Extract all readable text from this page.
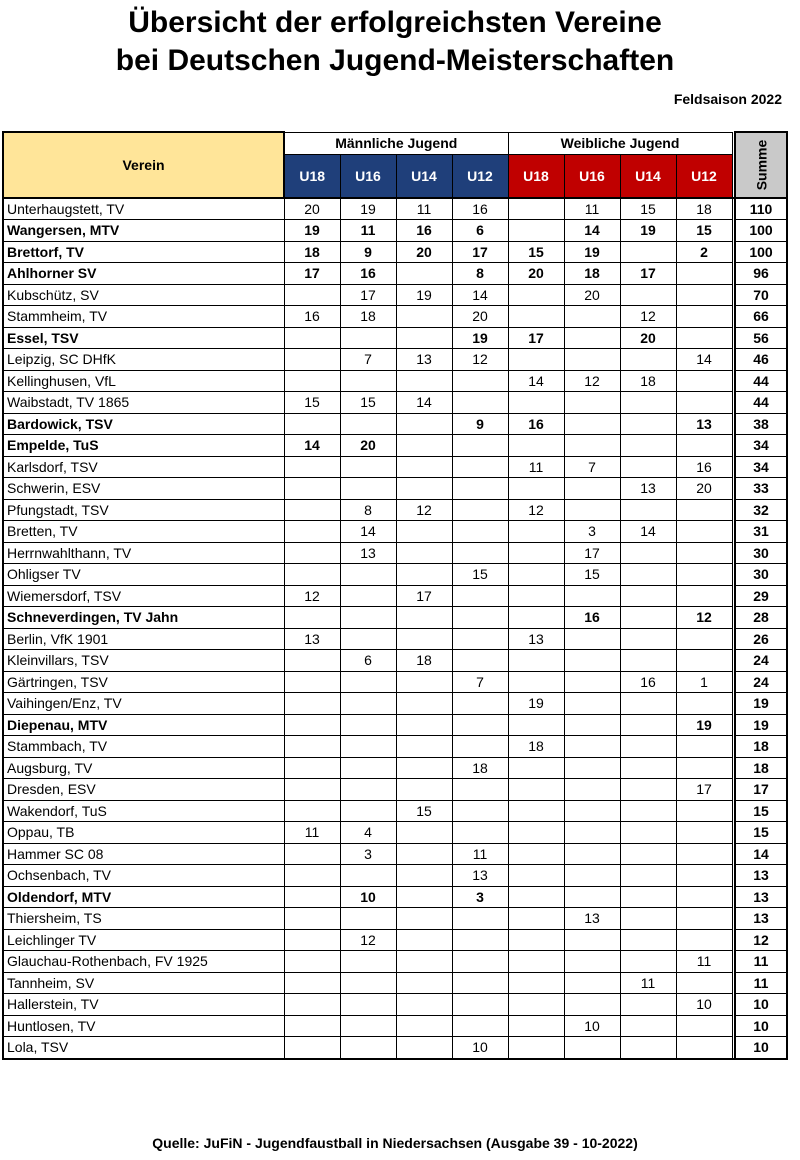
Übersicht der erfolgreichsten Vereine
bei Deutschen Jugend-Meisterschaften
Feldsaison 2022
Verein	Männliche Jugend				Weibliche Jugend					Summe
	U18	U16	U14	U12	U18	U16	U14	U12		
Unterhaugstett, TV	20	19	11	16		11	15	18		110
Wangersen, MTV	19	11	16	6		14	19	15		100
Brettorf, TV	18	9	20	17	15	19		2		100
Ahlhorner SV	17	16		8	20	18	17			96
Kubschütz, SV		17	19	14		20				70
Stammheim, TV	16	18		20			12			66
Essel, TSV				19	17		20			56
Leipzig, SC DHfK		7	13	12				14		46
Kellinghusen, VfL					14	12	18			44
Waibstadt, TV 1865	15	15	14							44
Bardowick, TSV				9	16			13		38
Empelde, TuS	14	20								34
Karlsdorf, TSV					11	7		16		34
Schwerin, ESV							13	20		33
Pfungstadt, TSV		8	12		12					32
Bretten, TV		14				3	14			31
Herrnwahlthann, TV		13				17				30
Ohligser TV				15		15				30
Wiemersdorf, TSV	12		17							29
Schneverdingen, TV Jahn						16		12		28
Berlin, VfK 1901	13				13					26
Kleinvillars, TSV		6	18							24
Gärtringen, TSV				7			16	1		24
Vaihingen/Enz, TV					19					19
Diepenau, MTV								19		19
Stammbach, TV					18					18
Augsburg, TV				18						18
Dresden, ESV								17		17
Wakendorf, TuS			15							15
Oppau, TB	11	4								15
Hammer SC 08		3		11						14
Ochsenbach, TV				13						13
Oldendorf, MTV		10		3						13
Thiersheim, TS						13				13
Leichlinger TV		12								12
Glauchau-Rothenbach, FV 1925								11		11
Tannheim, SV							11			11
Hallerstein, TV								10		10
Huntlosen, TV						10				10
Lola, TSV				10						10
Quelle: JuFiN - Jugendfaustball in Niedersachsen (Ausgabe 39 - 10-2022)
